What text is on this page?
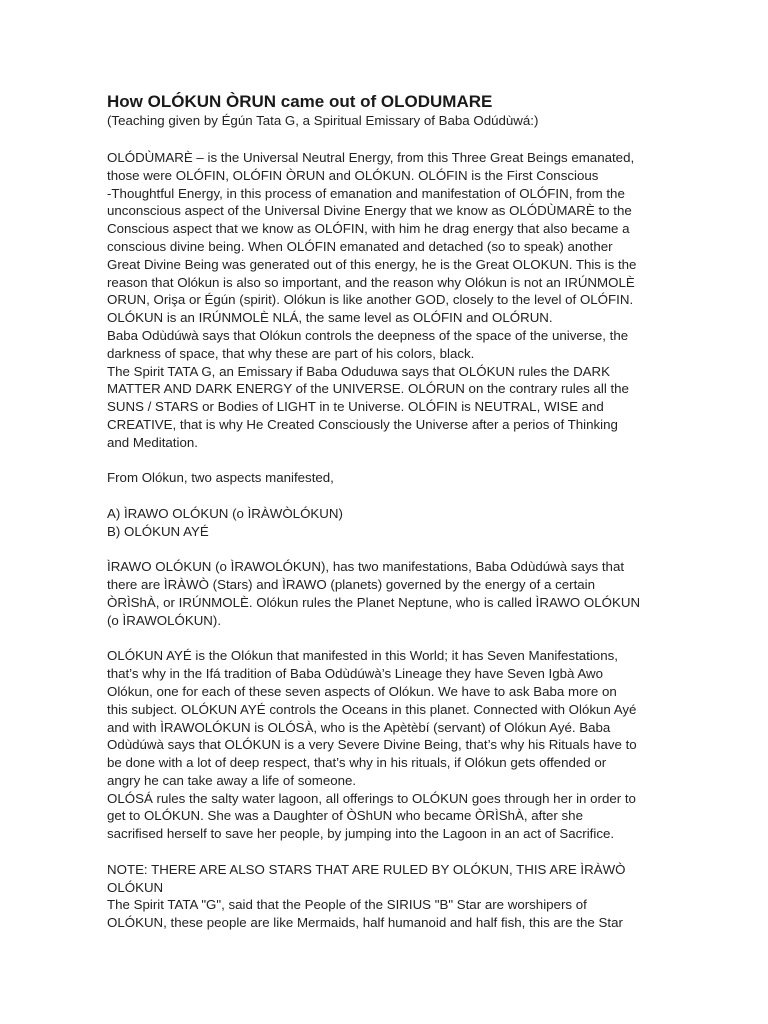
How OLÓKUN ÒRUN came out of OLODUMARE

(Teaching given by Égún Tata G, a Spiritual Emissary of Baba Odúdùwá:)

OLÓDÙMARÈ – is the Universal Neutral Energy, from this Three Great Beings emanated,
those were OLÓFIN, OLÓFIN ÒRUN and OLÓKUN. OLÓFIN is the First Conscious
-Thoughtful Energy, in this process of emanation and manifestation of OLÓFIN, from the
unconscious aspect of the Universal Divine Energy that we know as OLÓDÙMARÈ to the
Conscious aspect that we know as OLÓFIN, with him he drag energy that also became a
conscious divine being. When OLÓFIN emanated and detached (so to speak) another
Great Divine Being was generated out of this energy, he is the Great OLOKUN. This is the
reason that Olókun is also so important, and the reason why Olókun is not an IRÚNMOLÈ
ORUN, Orişa or Égún (spirit). Olókun is like another GOD, closely to the level of OLÓFIN.
OLÓKUN is an IRÚNMOLÈ NLÁ, the same level as OLÓFIN and OLÓRUN.
Baba Odùdúwà says that Olókun controls the deepness of the space of the universe, the
darkness of space, that why these are part of his colors, black.
The Spirit TATA G, an Emissary if Baba Oduduwa says that OLÓKUN rules the DARK
MATTER AND DARK ENERGY of the UNIVERSE. OLÓRUN on the contrary rules all the
SUNS / STARS or Bodies of LIGHT in te Universe. OLÓFIN is NEUTRAL, WISE and
CREATIVE, that is why He Created Consciously the Universe after a perios of Thinking
and Meditation.

From Olókun, two aspects manifested,

A) ÌRAWO OLÓKUN (o ÌRÀWÒLÓKUN)
B) OLÓKUN AYÉ

ÌRAWO OLÓKUN (o ÌRAWOLÓKUN), has two manifestations, Baba Odùdúwà says that
there are ÌRÀWÒ (Stars) and ÌRAWO (planets) governed by the energy of a certain
ÒRÌShÀ, or IRÚNMOLÈ. Olókun rules the Planet Neptune, who is called ÌRAWO OLÓKUN
(o ÌRAWOLÓKUN).

OLÓKUN AYÉ is the Olókun that manifested in this World; it has Seven Manifestations,
that’s why in the Ifá tradition of Baba Odùdúwà’s Lineage they have Seven Igbà Awo
Olókun, one for each of these seven aspects of Olókun. We have to ask Baba more on
this subject. OLÓKUN AYÉ controls the Oceans in this planet. Connected with Olókun Ayé
and with ÌRAWOLÓKUN is OLÓSÀ, who is the Apètèbí (servant) of Olókun Ayé. Baba
Odùdúwà says that OLÓKUN is a very Severe Divine Being, that’s why his Rituals have to
be done with a lot of deep respect, that’s why in his rituals, if Olókun gets offended or
angry he can take away a life of someone.
OLÓSÁ rules the salty water lagoon, all offerings to OLÓKUN goes through her in order to
get to OLÓKUN. She was a Daughter of ÒShUN who became ÒRÌShÀ, after she
sacrifised herself to save her people, by jumping into the Lagoon in an act of Sacrifice.

NOTE: THERE ARE ALSO STARS THAT ARE RULED BY OLÓKUN, THIS ARE ÌRÀWÒ
OLÓKUN
The Spirit TATA "G", said that the People of the SIRIUS "B" Star are worshipers of
OLÓKUN, these people are like Mermaids, half humanoid and half fish, this are the Star
